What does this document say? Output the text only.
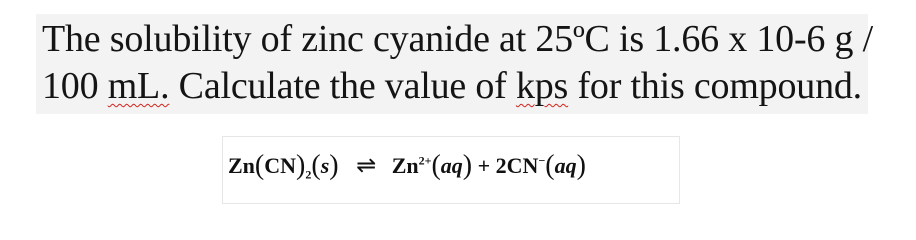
The solubility of zinc cyanide at 25ºC is 1.66 x 10-6 g /
100 mL. Calculate the value of kps for this compound.
$Zn(CN)_2(s)$ ⇌ $Zn^{2+}(aq) + 2CN^-(aq)$
